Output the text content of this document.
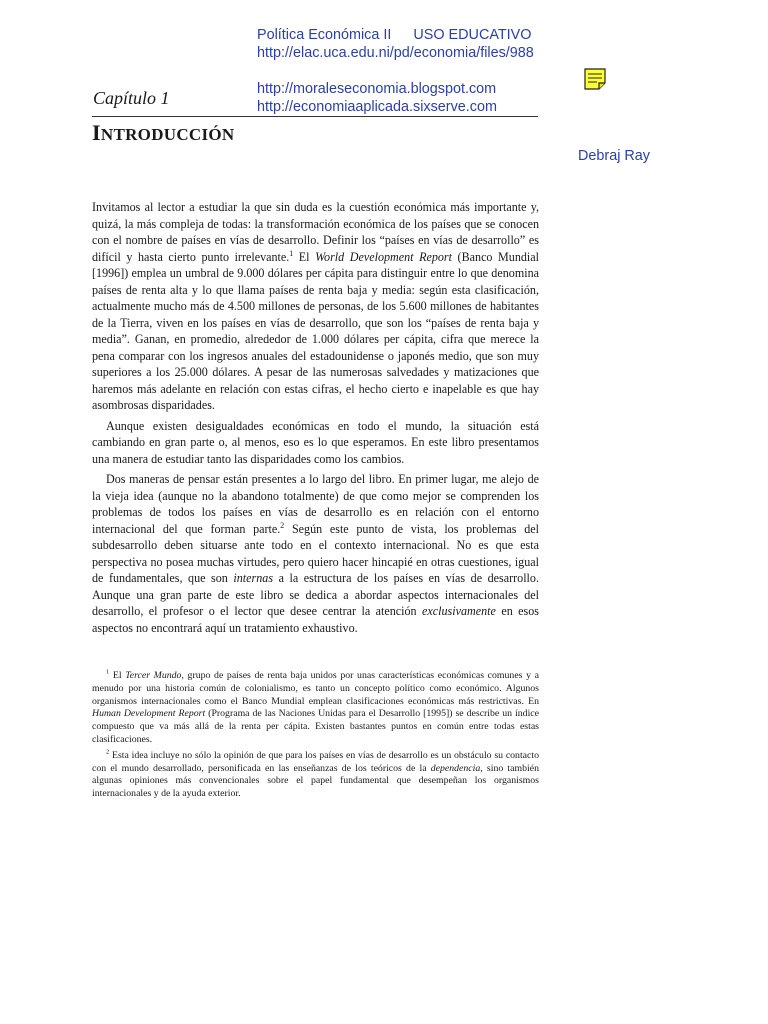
Política Económica II USO EDUCATIVO
http://elac.uca.edu.ni/pd/economia/files/988
http://moraleseconomia.blogspot.com
http://economiaaplicada.sixserve.com
Debraj Ray
Capítulo 1
INTRODUCCIÓN

Invitamos al lector a estudiar la que sin duda es la cuestión económica más importante y, quizá, la más compleja de todas: la transformación económica de los países que se conocen con el nombre de países en vías de desarrollo. Definir los “países en vías de desarrollo” es difícil y hasta cierto punto irrelevante.$^1$ El World Development Report (Banco Mundial [1996]) emplea un umbral de 9.000 dólares per cápita para distinguir entre lo que denomina países de renta alta y lo que llama países de renta baja y media: según esta clasificación, actualmente mucho más de 4.500 millones de personas, de los 5.600 millones de habitantes de la Tierra, viven en los países en vías de desarrollo, que son los “países de renta baja y media”. Ganan, en promedio, alrededor de 1.000 dólares per cápita, cifra que merece la pena comparar con los ingresos anuales del estadounidense o japonés medio, que son muy superiores a los 25.000 dólares. A pesar de las numerosas salvedades y matizaciones que haremos más adelante en relación con estas cifras, el hecho cierto e inapelable es que hay asombrosas disparidades.

Aunque existen desigualdades económicas en todo el mundo, la situación está cambiando en gran parte o, al menos, eso es lo que esperamos. En este libro presentamos una manera de estudiar tanto las disparidades como los cambios.

Dos maneras de pensar están presentes a lo largo del libro. En primer lugar, me alejo de la vieja idea (aunque no la abandono totalmente) de que como mejor se comprenden los problemas de todos los países en vías de desarrollo es en relación con el entorno internacional del que forman parte.$^2$ Según este punto de vista, los problemas del subdesarrollo deben situarse ante todo en el contexto internacional. No es que esta perspectiva no posea muchas virtudes, pero quiero hacer hincapié en otras cuestiones, igual de fundamentales, que son internas a la estructura de los países en vías de desarrollo. Aunque una gran parte de este libro se dedica a abordar aspectos internacionales del desarrollo, el profesor o el lector que desee centrar la atención exclusivamente en esos aspectos no encontrará aquí un tratamiento exhaustivo.

$^1$ El Tercer Mundo, grupo de países de renta baja unidos por unas características económicas comunes y a menudo por una historia común de colonialismo, es tanto un concepto político como económico. Algunos organismos internacionales como el Banco Mundial emplean clasificaciones económicas más restrictivas. En Human Development Report (Programa de las Naciones Unidas para el Desarrollo [1995]) se describe un índice compuesto que va más allá de la renta per cápita. Existen bastantes puntos en común entre todas estas clasificaciones.

$^2$ Esta idea incluye no sólo la opinión de que para los países en vías de desarrollo es un obstáculo su contacto con el mundo desarrollado, personificada en las enseñanzas de los teóricos de la dependencia, sino también algunas opiniones más convencionales sobre el papel fundamental que desempeñan los organismos internacionales y de la ayuda exterior.
